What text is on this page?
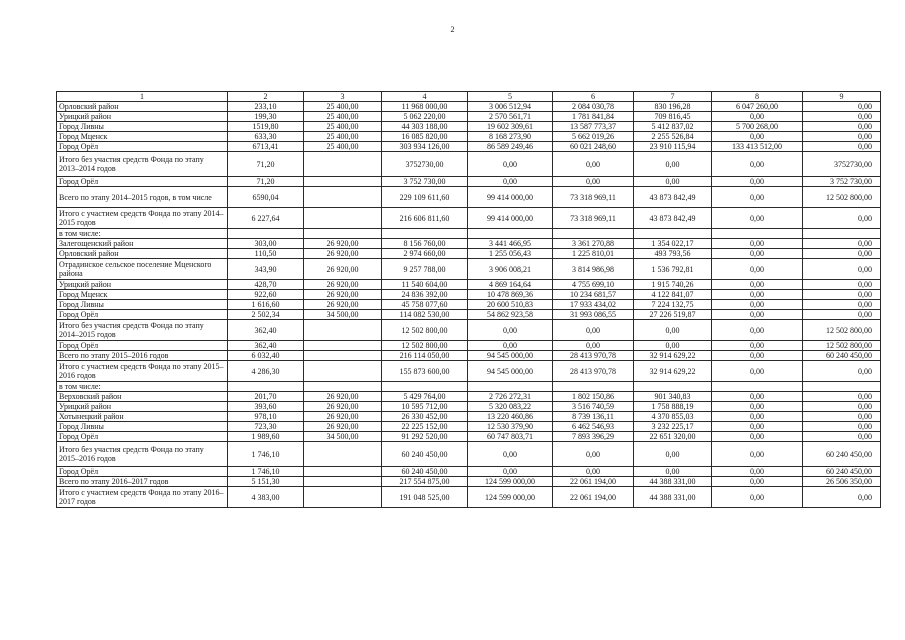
2
1	2	3	4	5	6	7	8	9
Орловский район	233,10	25 400,00	11 968 000,00	3 006 512,94	2 084 030,78	830 196,28	6 047 260,00	0,00
Урицкий район	199,30	25 400,00	5 062 220,00	2 570 561,71	1 781 841,84	709 816,45	0,00	0,00
Город Ливны	1519,80	25 400,00	44 303 188,00	19 602 309,61	13 587 773,37	5 412 837,02	5 700 268,00	0,00
Город Мценск	633,30	25 400,00	16 085 820,00	8 168 273,90	5 662 019,26	2 255 526,84	0,00	0,00
Город Орёл	6713,41	25 400,00	303 934 126,00	86 589 249,46	60 021 248,60	23 910 115,94	133 413 512,00	0,00
Итого без участия средств Фонда по этапу 2013–2014 годов	71,20		3752730,00	0,00	0,00	0,00	0,00	3752730,00
Город Орёл	71,20		3 752 730,00	0,00	0,00	0,00	0,00	3 752 730,00
Всего по этапу 2014–2015 годов, в том числе	6590,04		229 109 611,60	99 414 000,00	73 318 969,11	43 873 842,49	0,00	12 502 800,00
Итого с участием средств Фонда по этапу 2014–2015 годов	6 227,64		216 606 811,60	99 414 000,00	73 318 969,11	43 873 842,49	0,00	0,00
в том числе:								
Залегощенский район	303,00	26 920,00	8 156 760,00	3 441 466,95	3 361 270,88	1 354 022,17	0,00	0,00
Орловский район	110,50	26 920,00	2 974 660,00	1 255 056,43	1 225 810,01	493 793,56	0,00	0,00
Отрадинское сельское поселение Мценского района	343,90	26 920,00	9 257 788,00	3 906 008,21	3 814 986,98	1 536 792,81	0,00	0,00
Урицкий район	428,70	26 920,00	11 540 604,00	4 869 164,64	4 755 699,10	1 915 740,26	0,00	0,00
Город Мценск	922,60	26 920,00	24 836 392,00	10 478 869,36	10 234 681,57	4 122 841,07	0,00	0,00
Город Ливны	1 616,60	26 920,00	45 758 077,60	20 600 510,83	17 933 434,02	7 224 132,75	0,00	0,00
Город Орёл	2 502,34	34 500,00	114 082 530,00	54 862 923,58	31 993 086,55	27 226 519,87	0,00	0,00
Итого без участия средств Фонда по этапу 2014–2015 годов	362,40		12 502 800,00	0,00	0,00	0,00	0,00	12 502 800,00
Город Орёл	362,40		12 502 800,00	0,00	0,00	0,00	0,00	12 502 800,00
Всего по этапу 2015–2016 годов	6 032,40		216 114 050,00	94 545 000,00	28 413 970,78	32 914 629,22	0,00	60 240 450,00
Итого с участием средств Фонда по этапу 2015–2016 годов	4 286,30		155 873 600,00	94 545 000,00	28 413 970,78	32 914 629,22	0,00	0,00
в том числе:								
Верховский район	201,70	26 920,00	5 429 764,00	2 726 272,31	1 802 150,86	901 340,83	0,00	0,00
Урицкий район	393,60	26 920,00	10 595 712,00	5 320 083,22	3 516 740,59	1 758 888,19	0,00	0,00
Хотынецкий район	978,10	26 920,00	26 330 452,00	13 220 460,86	8 739 136,11	4 370 855,03	0,00	0,00
Город Ливны	723,30	26 920,00	22 225 152,00	12 530 379,90	6 462 546,93	3 232 225,17	0,00	0,00
Город Орёл	1 989,60	34 500,00	91 292 520,00	60 747 803,71	7 893 396,29	22 651 320,00	0,00	0,00
Итого без участия средств Фонда по этапу 2015–2016 годов	1 746,10		60 240 450,00	0,00	0,00	0,00	0,00	60 240 450,00
Город Орёл	1 746,10		60 240 450,00	0,00	0,00	0,00	0,00	60 240 450,00
Всего по этапу 2016–2017 годов	5 151,30		217 554 875,00	124 599 000,00	22 061 194,00	44 388 331,00	0,00	26 506 350,00
Итого с участием средств Фонда по этапу 2016–2017 годов	4 383,00		191 048 525,00	124 599 000,00	22 061 194,00	44 388 331,00	0,00	0,00
